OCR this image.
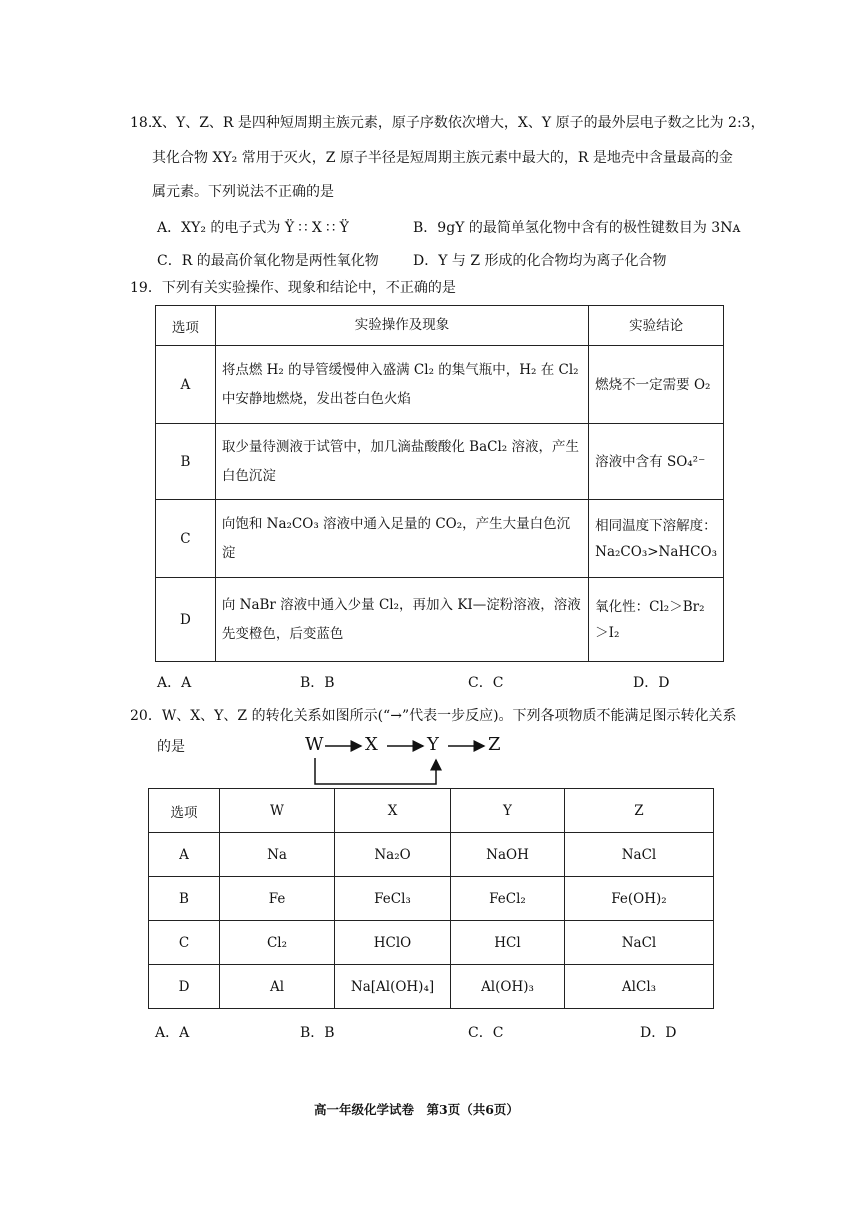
18. X、Y、Z、R 是四种短周期主族元素，原子序数依次增大，X、Y 原子的最外层电子数之比为 2:3，
其化合物 XY₂ 常用于灭火，Z 原子半径是短周期主族元素中最大的，R 是地壳中含量最高的金
属元素。下列说法不正确的是
A．XY₂ 的电子式为 Ÿ ∷ X ∷ Ÿ	B．9gY 的最简单氢化物中含有的极性键数目为 3Nᴀ
C．R 的最高价氧化物是两性氧化物 D．Y 与 Z 形成的化合物均为离子化合物
19．下列有关实验操作、现象和结论中，不正确的是
选项	实验操作及现象	实验结论
A	将点燃 H₂ 的导管缓慢伸入盛满 Cl₂ 的集气瓶中，H₂ 在 Cl₂
中安静地燃烧，发出苍白色火焰	燃烧不一定需要 O₂

B	取少量待测液于试管中，加几滴盐酸酸化 BaCl₂ 溶液，产生
白色沉淀	溶液中含有 SO₄²⁻

C	向饱和 Na₂CO₃ 溶液中通入足量的 CO₂，产生大量白色沉淀	相同温度下溶解度：
Na₂CO₃>NaHCO₃

D	向 NaBr 溶液中通入少量 Cl₂，再加入 KI—淀粉溶液，溶液
先变橙色，后变蓝色	氧化性：Cl₂＞Br₂＞I₂
A．A	B．B	C．C	D．D
20．W、X、Y、Z 的转化关系如图所示(“→”代表一步反应)。下列各项物质不能满足图示转化关系
的是	W X	Y	Z
选项	W	X	Y	Z
A	Na	Na₂O	NaOH	NaCl
B	Fe	FeCl₃	FeCl₂	Fe(OH)₂
C	Cl₂	HClO	HCl	NaCl
D	Al	Na[Al(OH)₄]	Al(OH)₃	AlCl₃
A．A	B．B	C．C	D．D
高一年级化学试卷　第3页（共6页）
